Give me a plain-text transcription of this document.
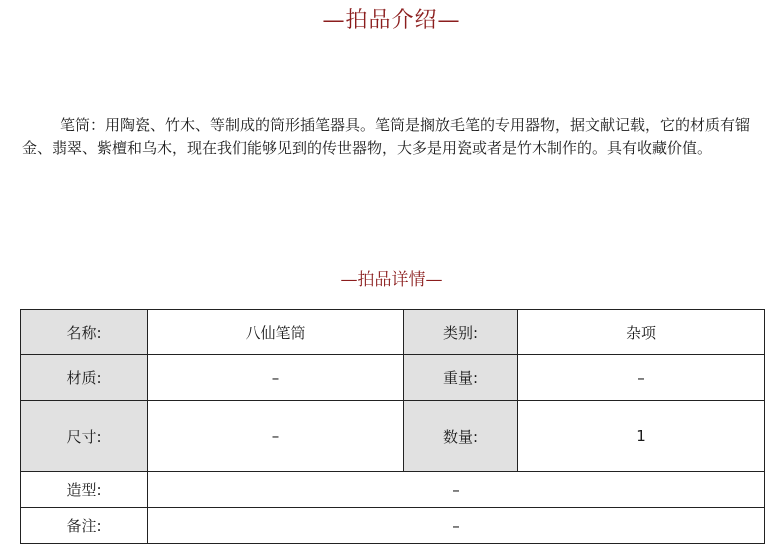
—拍品介绍—
笔筒：用陶瓷、竹木、等制成的筒形插笔器具。笔筒是搁放毛笔的专用器物，据文献记载，它的材质有镏金、翡翠、紫檀和乌木，现在我们能够见到的传世器物，大多是用瓷或者是竹木制作的。具有收藏价值。
—拍品详情—
名称:	八仙笔筒	类别:	杂项
材质:	–	重量:	–
尺寸:	–	数量:	1
造型:	–		
备注:	–		
